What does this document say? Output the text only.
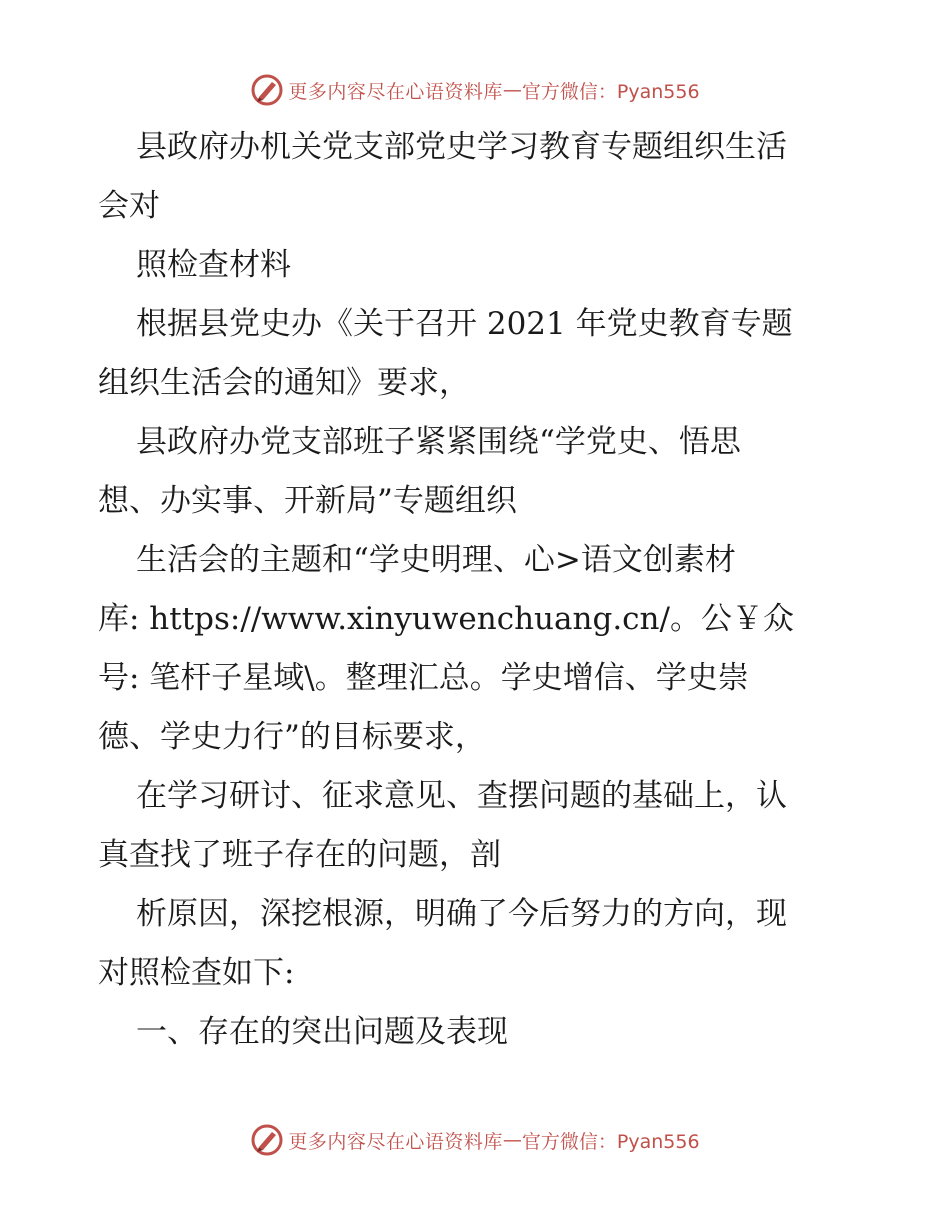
更多内容尽在心语资料库 — 官方微信：Pyan556

县政府办机关党支部党史学习教育专题组织生活
会对

照检查材料

根据县党史办《关于召开 2021 年党史教育专题
组织生活会的通知》要求，

县政府办党支部班子紧紧围绕“学党史、悟思
想、办实事、开新局”专题组织

生活会的主题和“学史明理、心>语文创素材
库: https://www.xinyuwenchuang.cn/。公￥众
号: 笔杆子星域\。整理汇总。学史增信、学史崇
德、学史力行”的目标要求，

在学习研讨、征求意见、查摆问题的基础上，认
真查找了班子存在的问题，剖

析原因，深挖根源，明确了今后努力的方向，现
对照检查如下:

一、存在的突出问题及表现

更多内容尽在心语资料库 — 官方微信：Pyan556
